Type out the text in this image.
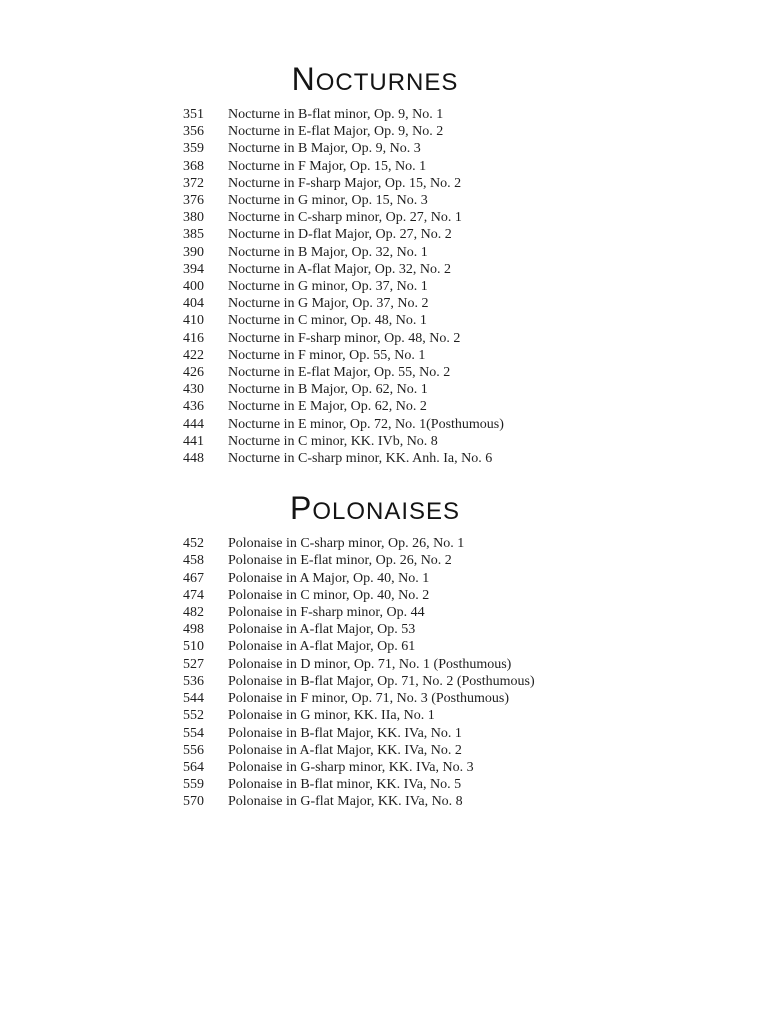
NOCTURNES
351 Nocturne in B-flat minor, Op. 9, No. 1
356 Nocturne in E-flat Major, Op. 9, No. 2
359 Nocturne in B Major, Op. 9, No. 3
368 Nocturne in F Major, Op. 15, No. 1
372 Nocturne in F-sharp Major, Op. 15, No. 2
376 Nocturne in G minor, Op. 15, No. 3
380 Nocturne in C-sharp minor, Op. 27, No. 1
385 Nocturne in D-flat Major, Op. 27, No. 2
390 Nocturne in B Major, Op. 32, No. 1
394 Nocturne in A-flat Major, Op. 32, No. 2
400 Nocturne in G minor, Op. 37, No. 1
404 Nocturne in G Major, Op. 37, No. 2
410 Nocturne in C minor, Op. 48, No. 1
416 Nocturne in F-sharp minor, Op. 48, No. 2
422 Nocturne in F minor, Op. 55, No. 1
426 Nocturne in E-flat Major, Op. 55, No. 2
430 Nocturne in B Major, Op. 62, No. 1
436 Nocturne in E Major, Op. 62, No. 2
444 Nocturne in E minor, Op. 72, No. 1(Posthumous)
441 Nocturne in C minor, KK. IVb, No. 8
448 Nocturne in C-sharp minor, KK. Anh. Ia, No. 6
POLONAISES
452 Polonaise in C-sharp minor, Op. 26, No. 1
458 Polonaise in E-flat minor, Op. 26, No. 2
467 Polonaise in A Major, Op. 40, No. 1
474 Polonaise in C minor, Op. 40, No. 2
482 Polonaise in F-sharp minor, Op. 44
498 Polonaise in A-flat Major, Op. 53
510 Polonaise in A-flat Major, Op. 61
527 Polonaise in D minor, Op. 71, No. 1 (Posthumous)
536 Polonaise in B-flat Major, Op. 71, No. 2 (Posthumous)
544 Polonaise in F minor, Op. 71, No. 3 (Posthumous)
552 Polonaise in G minor, KK. IIa, No. 1
554 Polonaise in B-flat Major, KK. IVa, No. 1
556 Polonaise in A-flat Major, KK. IVa, No. 2
564 Polonaise in G-sharp minor, KK. IVa, No. 3
559 Polonaise in B-flat minor, KK. IVa, No. 5
570 Polonaise in G-flat Major, KK. IVa, No. 8
